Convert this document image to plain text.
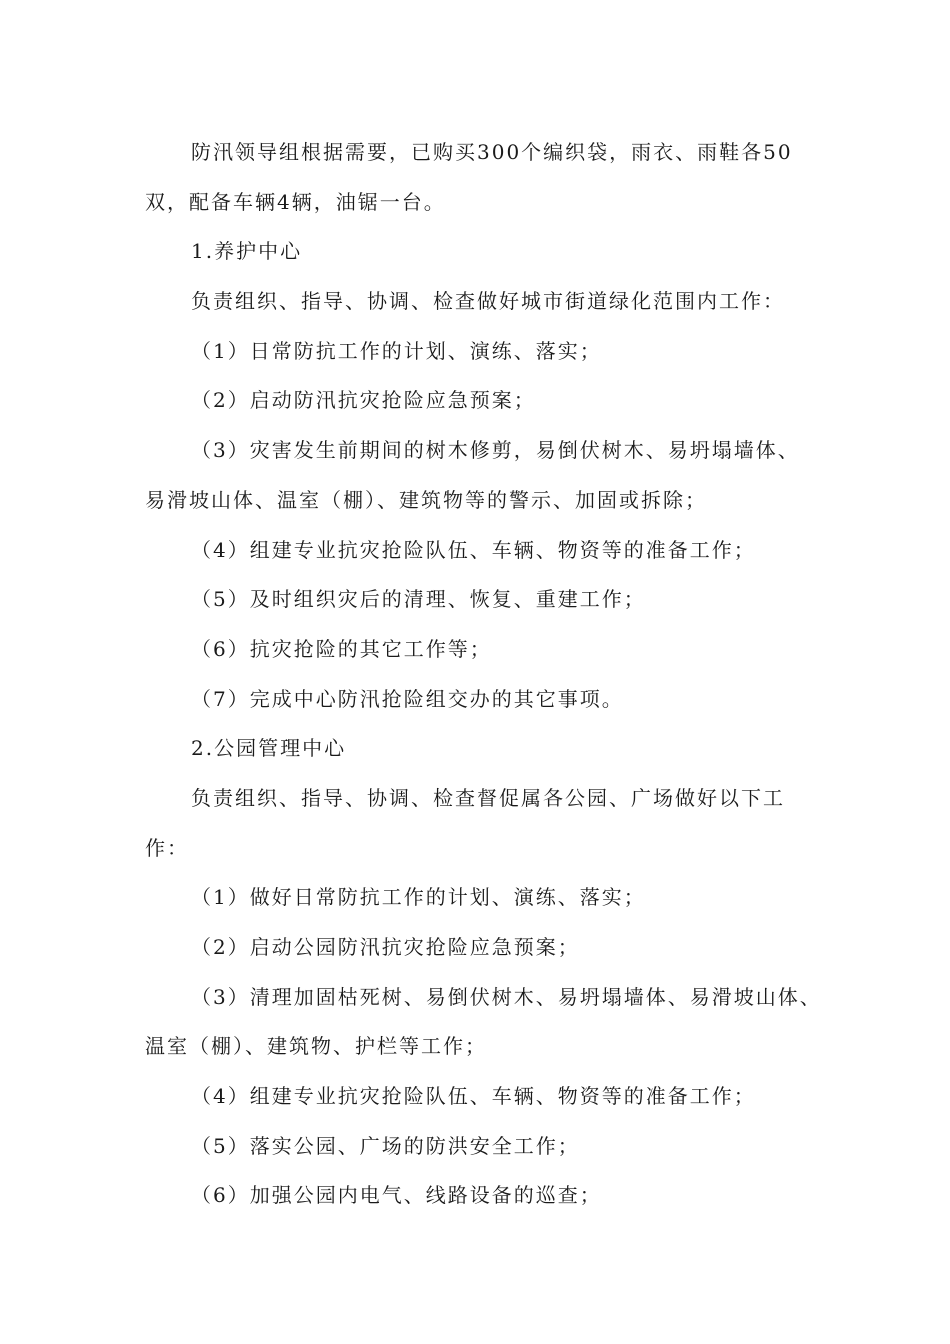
防汛领导组根据需要，已购买300个编织袋，雨衣、雨鞋各50
双，配备车辆4辆，油锯一台。
1.养护中心
负责组织、指导、协调、检查做好城市街道绿化范围内工作：
（1）日常防抗工作的计划、演练、落实；
（2）启动防汛抗灾抢险应急预案；
（3）灾害发生前期间的树木修剪，易倒伏树木、易坍塌墙体、
易滑坡山体、温室（棚）、建筑物等的警示、加固或拆除；
（4）组建专业抗灾抢险队伍、车辆、物资等的准备工作；
（5）及时组织灾后的清理、恢复、重建工作；
（6）抗灾抢险的其它工作等；
（7）完成中心防汛抢险组交办的其它事项。
2.公园管理中心
负责组织、指导、协调、检查督促属各公园、广场做好以下工
作：
（1）做好日常防抗工作的计划、演练、落实；
（2）启动公园防汛抗灾抢险应急预案；
（3）清理加固枯死树、易倒伏树木、易坍塌墙体、易滑坡山体、
温室（棚）、建筑物、护栏等工作；
（4）组建专业抗灾抢险队伍、车辆、物资等的准备工作；
（5）落实公园、广场的防洪安全工作；
（6）加强公园内电气、线路设备的巡查；
